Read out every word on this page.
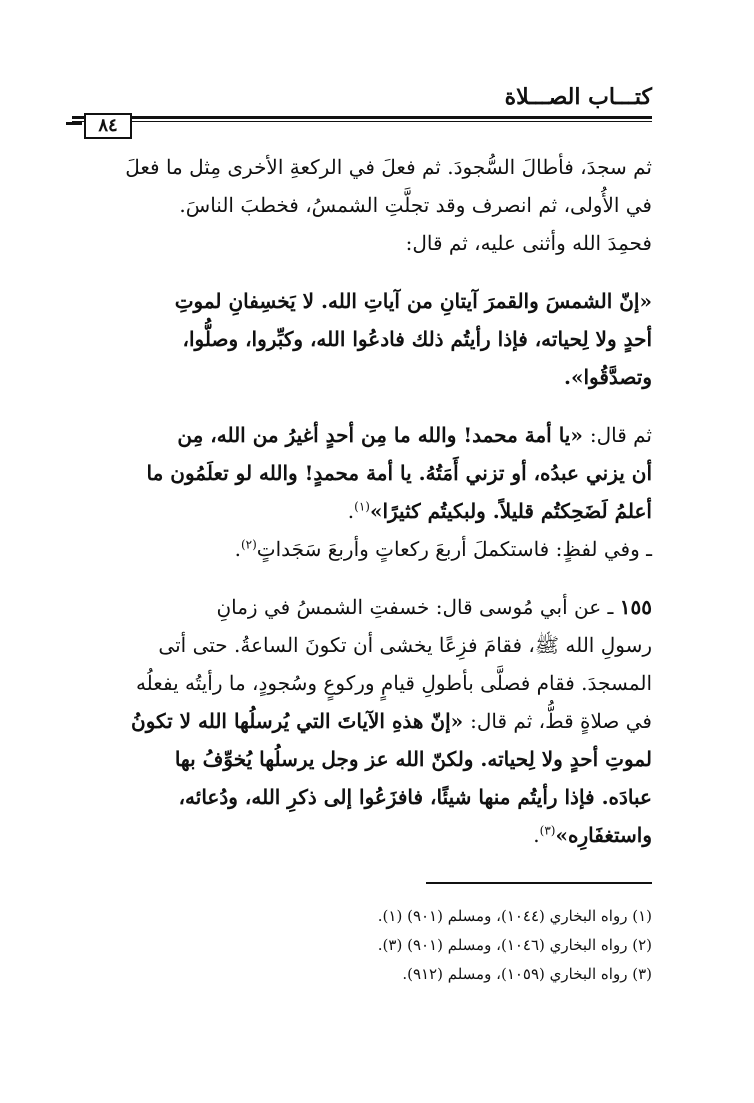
كتـــاب الصـــلاة
٨٤

ثم سجدَ، فأطالَ السُّجودَ. ثم فعلَ في الركعةِ الأخرى مِثل ما فعلَ
في الأُولى، ثم انصرف وقد تجلَّتِ الشمسُ، فخطبَ الناسَ.
فحمِدَ الله وأثنى عليه، ثم قال:

«إنّ الشمسَ والقمرَ آيتانِ من آياتِ الله. لا يَخسِفانِ لموتِ
أحدٍ ولا لِحياته، فإذا رأيتُم ذلك فادعُوا الله، وكبِّروا، وصلُّوا،
وتصدَّقُوا».

ثم قال: «يا أمة محمد! والله ما مِن أحدٍ أغيرُ من الله، مِن
أن يزني عبدُه، أو تزني أَمَتُهُ. يا أمة محمدٍ! والله لو تعلَمُون ما
أعلمُ لَضَحِكتُم قليلاً. ولبكيتُم كثيرًا»$^{(١)}$.

ـ وفي لفظٍ: فاستكملَ أربعَ ركعاتٍ وأربعَ سَجَداتٍ$^{(٢)}$.

١٥٥ ـ عن أبي مُوسى قال: خسفتِ الشمسُ في زمانِ
رسولِ الله ﷺ، فقامَ فزِعًا يخشى أن تكونَ الساعةُ. حتى أتى
المسجدَ. فقام فصلَّى بأطولِ قيامٍ وركوعٍ وسُجودٍ، ما رأيتُه يفعلُه
في صلاةٍ قطُّ، ثم قال: «إنّ هذهِ الآياتَ التي يُرسلُها الله لا تكونُ
لموتِ أحدٍ ولا لِحياته. ولكنّ الله عز وجل يرسلُها يُخوِّفُ بها
عبادَه. فإذا رأيتُم منها شيئًا، فافزَعُوا إلى ذكرِ الله، ودُعائه،
واستغفَارِه»$^{(٣)}$.

(١) رواه البخاري (١٠٤٤)، ومسلم (٩٠١) (١).

(٢) رواه البخاري (١٠٤٦)، ومسلم (٩٠١) (٣).

(٣) رواه البخاري (١٠٥٩)، ومسلم (٩١٢).
